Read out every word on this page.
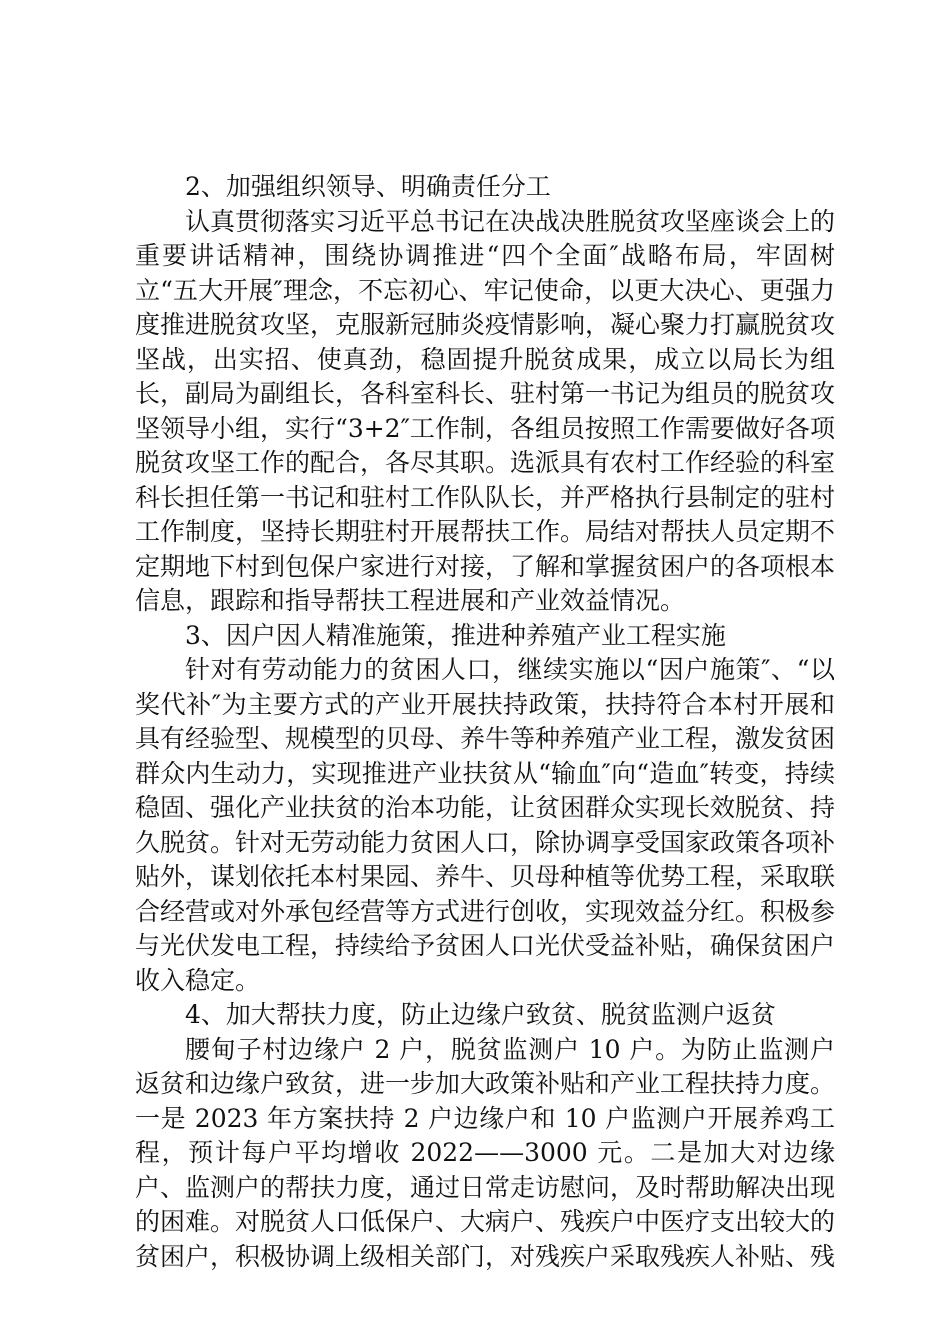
2、加强组织领导、明确责任分工

认真贯彻落实习近平总书记在决战决胜脱贫攻坚座谈会上的重要讲话精神，围绕协调推进“四个全面″战略布局，牢固树立“五大开展″理念，不忘初心、牢记使命，以更大决心、更强力度推进脱贫攻坚，克服新冠肺炎疫情影响，凝心聚力打赢脱贫攻坚战，出实招、使真劲，稳固提升脱贫成果，成立以局长为组长，副局为副组长，各科室科长、驻村第一书记为组员的脱贫攻坚领导小组，实行“3+2″工作制，各组员按照工作需要做好各项脱贫攻坚工作的配合，各尽其职。选派具有农村工作经验的科室科长担任第一书记和驻村工作队队长，并严格执行县制定的驻村工作制度，坚持长期驻村开展帮扶工作。局结对帮扶人员定期不定期地下村到包保户家进行对接，了解和掌握贫困户的各项根本信息，跟踪和指导帮扶工程进展和产业效益情况。

3、因户因人精准施策，推进种养殖产业工程实施

针对有劳动能力的贫困人口，继续实施以“因户施策″、“以奖代补″为主要方式的产业开展扶持政策，扶持符合本村开展和具有经验型、规模型的贝母、养牛等种养殖产业工程，激发贫困群众内生动力，实现推进产业扶贫从“输血″向“造血″转变，持续稳固、强化产业扶贫的治本功能，让贫困群众实现长效脱贫、持久脱贫。针对无劳动能力贫困人口，除协调享受国家政策各项补贴外，谋划依托本村果园、养牛、贝母种植等优势工程，采取联合经营或对外承包经营等方式进行创收，实现效益分红。积极参与光伏发电工程，持续给予贫困人口光伏受益补贴，确保贫困户收入稳定。

4、加大帮扶力度，防止边缘户致贫、脱贫监测户返贫

腰甸子村边缘户 2 户，脱贫监测户 10 户。为防止监测户返贫和边缘户致贫，进一步加大政策补贴和产业工程扶持力度。一是 2023 年方案扶持 2 户边缘户和 10 户监测户开展养鸡工程，预计每户平均增收 2022——3000 元。二是加大对边缘户、监测户的帮扶力度，通过日常走访慰问，及时帮助解决出现的困难。对脱贫人口低保户、大病户、残疾户中医疗支出较大的贫困户，积极协调上级相关部门，对残疾户采取残疾人补贴、残
